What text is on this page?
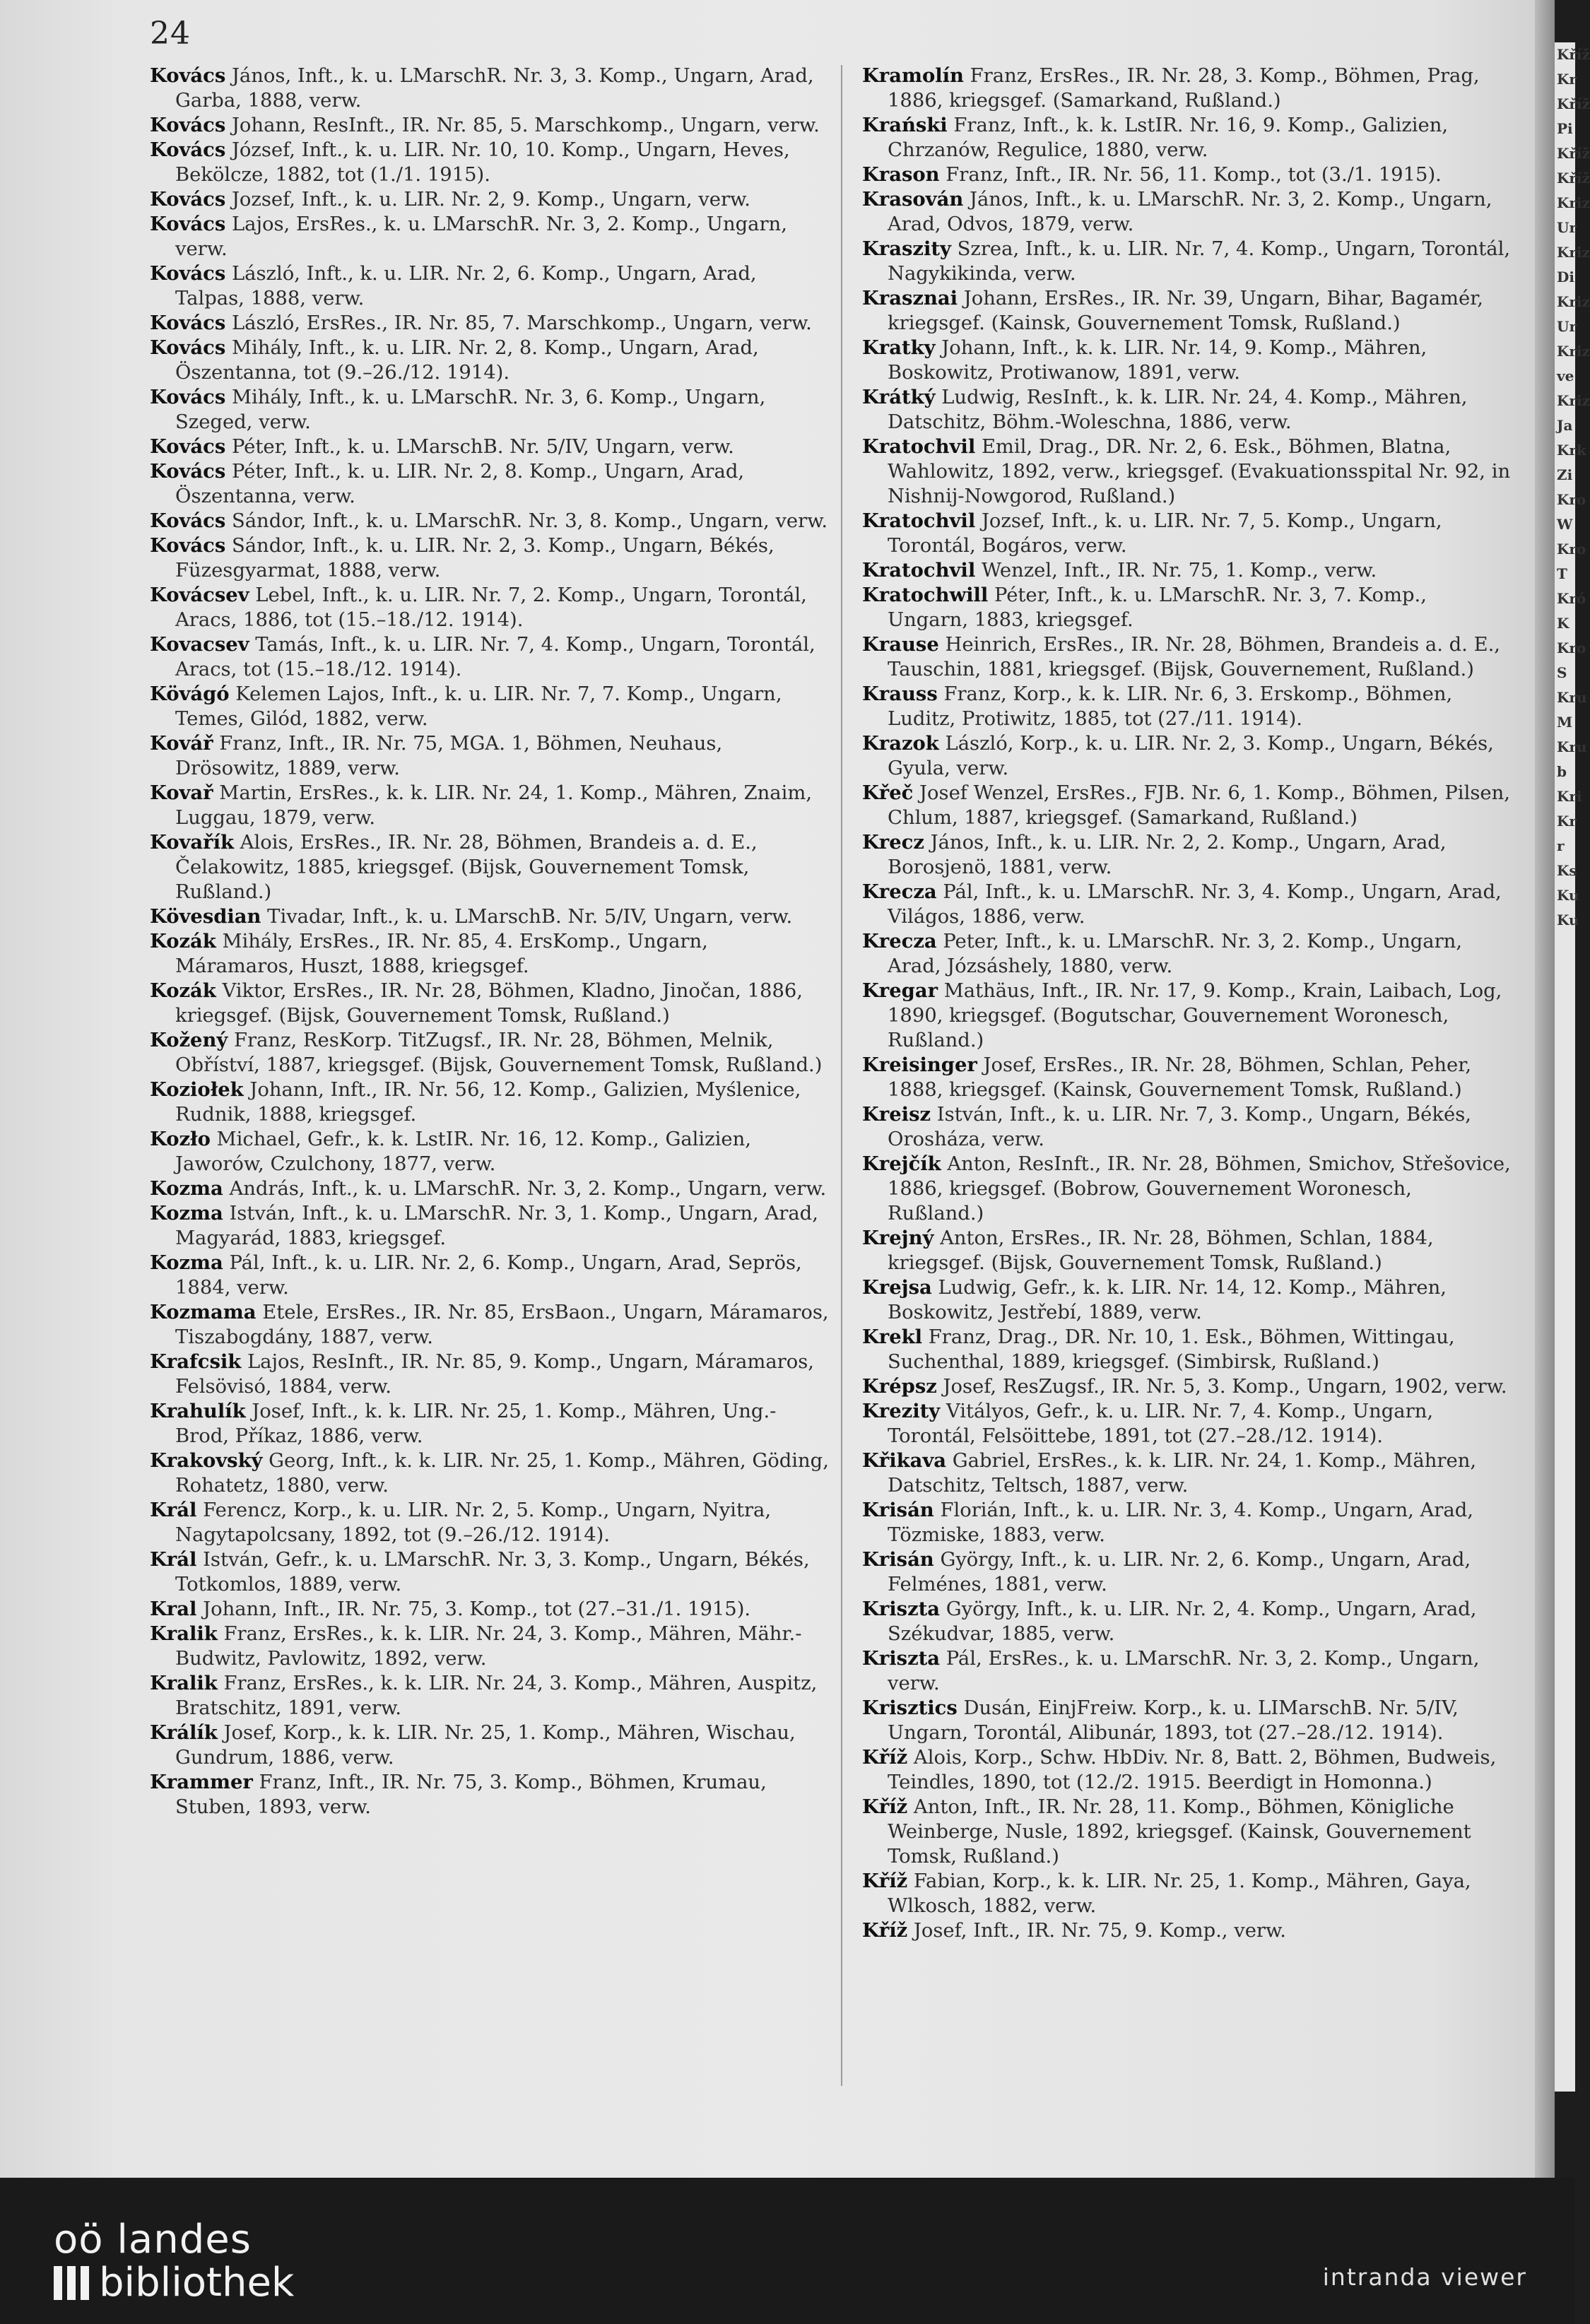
24

Kovács János, Inft., k. u. LMarschR. Nr. 3, 3. Komp., Ungarn, Arad, Garba, 1888, verw.

Kovács Johann, ResInft., IR. Nr. 85, 5. Marschkomp., Ungarn, verw.

Kovács József, Inft., k. u. LIR. Nr. 10, 10. Komp., Ungarn, Heves, Bekölcze, 1882, tot (1./1. 1915).

Kovács Jozsef, Inft., k. u. LIR. Nr. 2, 9. Komp., Ungarn, verw.

Kovács Lajos, ErsRes., k. u. LMarschR. Nr. 3, 2. Komp., Ungarn, verw.

Kovács László, Inft., k. u. LIR. Nr. 2, 6. Komp., Ungarn, Arad, Talpas, 1888, verw.

Kovács László, ErsRes., IR. Nr. 85, 7. Marschkomp., Ungarn, verw.

Kovács Mihály, Inft., k. u. LIR. Nr. 2, 8. Komp., Ungarn, Arad, Öszentanna, tot (9.–26./12. 1914).

Kovács Mihály, Inft., k. u. LMarschR. Nr. 3, 6. Komp., Ungarn, Szeged, verw.

Kovács Péter, Inft., k. u. LMarschB. Nr. 5/IV, Ungarn, verw.

Kovács Péter, Inft., k. u. LIR. Nr. 2, 8. Komp., Ungarn, Arad, Öszentanna, verw.

Kovács Sándor, Inft., k. u. LMarschR. Nr. 3, 8. Komp., Ungarn, verw.

Kovács Sándor, Inft., k. u. LIR. Nr. 2, 3. Komp., Ungarn, Békés, Füzesgyarmat, 1888, verw.

Kovácsev Lebel, Inft., k. u. LIR. Nr. 7, 2. Komp., Ungarn, Torontál, Aracs, 1886, tot (15.–18./12. 1914).

Kovacsev Tamás, Inft., k. u. LIR. Nr. 7, 4. Komp., Ungarn, Torontál, Aracs, tot (15.–18./12. 1914).

Kövágó Kelemen Lajos, Inft., k. u. LIR. Nr. 7, 7. Komp., Ungarn, Temes, Gilód, 1882, verw.

Kovář Franz, Inft., IR. Nr. 75, MGA. 1, Böhmen, Neuhaus, Drösowitz, 1889, verw.

Kovař Martin, ErsRes., k. k. LIR. Nr. 24, 1. Komp., Mähren, Znaim, Luggau, 1879, verw.

Kovařík Alois, ErsRes., IR. Nr. 28, Böhmen, Brandeis a. d. E., Čelakowitz, 1885, kriegsgef. (Bijsk, Gouvernement Tomsk, Rußland.)

Kövesdian Tivadar, Inft., k. u. LMarschB. Nr. 5/IV, Ungarn, verw.

Kozák Mihály, ErsRes., IR. Nr. 85, 4. ErsKomp., Ungarn, Máramaros, Huszt, 1888, kriegsgef.

Kozák Viktor, ErsRes., IR. Nr. 28, Böhmen, Kladno, Jinočan, 1886, kriegsgef. (Bijsk, Gouvernement Tomsk, Rußland.)

Kožený Franz, ResKorp. TitZugsf., IR. Nr. 28, Böhmen, Melnik, Obříství, 1887, kriegsgef. (Bijsk, Gouvernement Tomsk, Rußland.)

Koziołek Johann, Inft., IR. Nr. 56, 12. Komp., Galizien, Myślenice, Rudnik, 1888, kriegsgef.

Kozło Michael, Gefr., k. k. LstIR. Nr. 16, 12. Komp., Galizien, Jaworów, Czulchony, 1877, verw.

Kozma András, Inft., k. u. LMarschR. Nr. 3, 2. Komp., Ungarn, verw.

Kozma István, Inft., k. u. LMarschR. Nr. 3, 1. Komp., Ungarn, Arad, Magyarád, 1883, kriegsgef.

Kozma Pál, Inft., k. u. LIR. Nr. 2, 6. Komp., Ungarn, Arad, Seprös, 1884, verw.

Kozmama Etele, ErsRes., IR. Nr. 85, ErsBaon., Ungarn, Máramaros, Tiszabogdány, 1887, verw.

Krafcsik Lajos, ResInft., IR. Nr. 85, 9. Komp., Ungarn, Máramaros, Felsövisó, 1884, verw.

Krahulík Josef, Inft., k. k. LIR. Nr. 25, 1. Komp., Mähren, Ung.-Brod, Příkaz, 1886, verw.

Krakovský Georg, Inft., k. k. LIR. Nr. 25, 1. Komp., Mähren, Göding, Rohatetz, 1880, verw.

Král Ferencz, Korp., k. u. LIR. Nr. 2, 5. Komp., Ungarn, Nyitra, Nagytapolcsany, 1892, tot (9.–26./12. 1914).

Král István, Gefr., k. u. LMarschR. Nr. 3, 3. Komp., Ungarn, Békés, Totkomlos, 1889, verw.

Kral Johann, Inft., IR. Nr. 75, 3. Komp., tot (27.–31./1. 1915).

Kralik Franz, ErsRes., k. k. LIR. Nr. 24, 3. Komp., Mähren, Mähr.-Budwitz, Pavlowitz, 1892, verw.

Kralik Franz, ErsRes., k. k. LIR. Nr. 24, 3. Komp., Mähren, Auspitz, Bratschitz, 1891, verw.

Králík Josef, Korp., k. k. LIR. Nr. 25, 1. Komp., Mähren, Wischau, Gundrum, 1886, verw.

Krammer Franz, Inft., IR. Nr. 75, 3. Komp., Böhmen, Krumau, Stuben, 1893, verw.

Kramolín Franz, ErsRes., IR. Nr. 28, 3. Komp., Böhmen, Prag, 1886, kriegsgef. (Samarkand, Rußland.)

Krański Franz, Inft., k. k. LstIR. Nr. 16, 9. Komp., Galizien, Chrzanów, Regulice, 1880, verw.

Krason Franz, Inft., IR. Nr. 56, 11. Komp., tot (3./1. 1915).

Krasován János, Inft., k. u. LMarschR. Nr. 3, 2. Komp., Ungarn, Arad, Odvos, 1879, verw.

Kraszity Szrea, Inft., k. u. LIR. Nr. 7, 4. Komp., Ungarn, Torontál, Nagykikinda, verw.

Krasznai Johann, ErsRes., IR. Nr. 39, Ungarn, Bihar, Bagamér, kriegsgef. (Kainsk, Gouvernement Tomsk, Rußland.)

Kratky Johann, Inft., k. k. LIR. Nr. 14, 9. Komp., Mähren, Boskowitz, Protiwanow, 1891, verw.

Krátký Ludwig, ResInft., k. k. LIR. Nr. 24, 4. Komp., Mähren, Datschitz, Böhm.-Woleschna, 1886, verw.

Kratochvil Emil, Drag., DR. Nr. 2, 6. Esk., Böhmen, Blatna, Wahlowitz, 1892, verw., kriegsgef. (Evakuationsspital Nr. 92, in Nishnij-Nowgorod, Rußland.)

Kratochvil Jozsef, Inft., k. u. LIR. Nr. 7, 5. Komp., Ungarn, Torontál, Bogáros, verw.

Kratochvil Wenzel, Inft., IR. Nr. 75, 1. Komp., verw.

Kratochwill Péter, Inft., k. u. LMarschR. Nr. 3, 7. Komp., Ungarn, 1883, kriegsgef.

Krause Heinrich, ErsRes., IR. Nr. 28, Böhmen, Brandeis a. d. E., Tauschin, 1881, kriegsgef. (Bijsk, Gouvernement, Rußland.)

Krauss Franz, Korp., k. k. LIR. Nr. 6, 3. Erskomp., Böhmen, Luditz, Protiwitz, 1885, tot (27./11. 1914).

Krazok László, Korp., k. u. LIR. Nr. 2, 3. Komp., Ungarn, Békés, Gyula, verw.

Křeč Josef Wenzel, ErsRes., FJB. Nr. 6, 1. Komp., Böhmen, Pilsen, Chlum, 1887, kriegsgef. (Samarkand, Rußland.)

Krecz János, Inft., k. u. LIR. Nr. 2, 2. Komp., Ungarn, Arad, Borosjenö, 1881, verw.

Krecza Pál, Inft., k. u. LMarschR. Nr. 3, 4. Komp., Ungarn, Arad, Világos, 1886, verw.

Krecza Peter, Inft., k. u. LMarschR. Nr. 3, 2. Komp., Ungarn, Arad, Józsáshely, 1880, verw.

Kregar Mathäus, Inft., IR. Nr. 17, 9. Komp., Krain, Laibach, Log, 1890, kriegsgef. (Bogutschar, Gouvernement Woronesch, Rußland.)

Kreisinger Josef, ErsRes., IR. Nr. 28, Böhmen, Schlan, Peher, 1888, kriegsgef. (Kainsk, Gouvernement Tomsk, Rußland.)

Kreisz István, Inft., k. u. LIR. Nr. 7, 3. Komp., Ungarn, Békés, Orosháza, verw.

Krejčík Anton, ResInft., IR. Nr. 28, Böhmen, Smichov, Střešovice, 1886, kriegsgef. (Bobrow, Gouvernement Woronesch, Rußland.)

Krejný Anton, ErsRes., IR. Nr. 28, Böhmen, Schlan, 1884, kriegsgef. (Bijsk, Gouvernement Tomsk, Rußland.)

Krejsa Ludwig, Gefr., k. k. LIR. Nr. 14, 12. Komp., Mähren, Boskowitz, Jestřebí, 1889, verw.

Krekl Franz, Drag., DR. Nr. 10, 1. Esk., Böhmen, Wittingau, Suchenthal, 1889, kriegsgef. (Simbirsk, Rußland.)

Krépsz Josef, ResZugsf., IR. Nr. 5, 3. Komp., Ungarn, 1902, verw.

Krezity Vitályos, Gefr., k. u. LIR. Nr. 7, 4. Komp., Ungarn, Torontál, Felsöittebe, 1891, tot (27.–28./12. 1914).

Křikava Gabriel, ErsRes., k. k. LIR. Nr. 24, 1. Komp., Mähren, Datschitz, Teltsch, 1887, verw.

Krisán Florián, Inft., k. u. LIR. Nr. 3, 4. Komp., Ungarn, Arad, Tözmiske, 1883, verw.

Krisán György, Inft., k. u. LIR. Nr. 2, 6. Komp., Ungarn, Arad, Felménes, 1881, verw.

Kriszta György, Inft., k. u. LIR. Nr. 2, 4. Komp., Ungarn, Arad, Székudvar, 1885, verw.

Kriszta Pál, ErsRes., k. u. LMarschR. Nr. 3, 2. Komp., Ungarn, verw.

Krisztics Dusán, EinjFreiw. Korp., k. u. LIMarschB. Nr. 5/IV, Ungarn, Torontál, Alibunár, 1893, tot (27.–28./12. 1914).

Kříž Alois, Korp., Schw. HbDiv. Nr. 8, Batt. 2, Böhmen, Budweis, Teindles, 1890, tot (12./2. 1915. Beerdigt in Homonna.)

Kříž Anton, Inft., IR. Nr. 28, 11. Komp., Böhmen, Königliche Weinberge, Nusle, 1892, kriegsgef. (Kainsk, Gouvernement Tomsk, Rußland.)

Kříž Fabian, Korp., k. k. LIR. Nr. 25, 1. Komp., Mähren, Gaya, Wlkosch, 1882, verw.

Kříž Josef, Inft., IR. Nr. 75, 9. Komp., verw.

Kříž
Kr
Kříž
Pi
Kříž
Kříž
Kriz
Ur
Kriz
Di
Kriz
Ur
Kriz
ve
Kriz
Ja
Krk
Zi
Kro
W
Kro
T
Kró
K
Kro
S
Kru
M
Kru
b
Kri
Kr
r
Ks
Ku
Ku
oö landes
bibliothek	intranda viewer
